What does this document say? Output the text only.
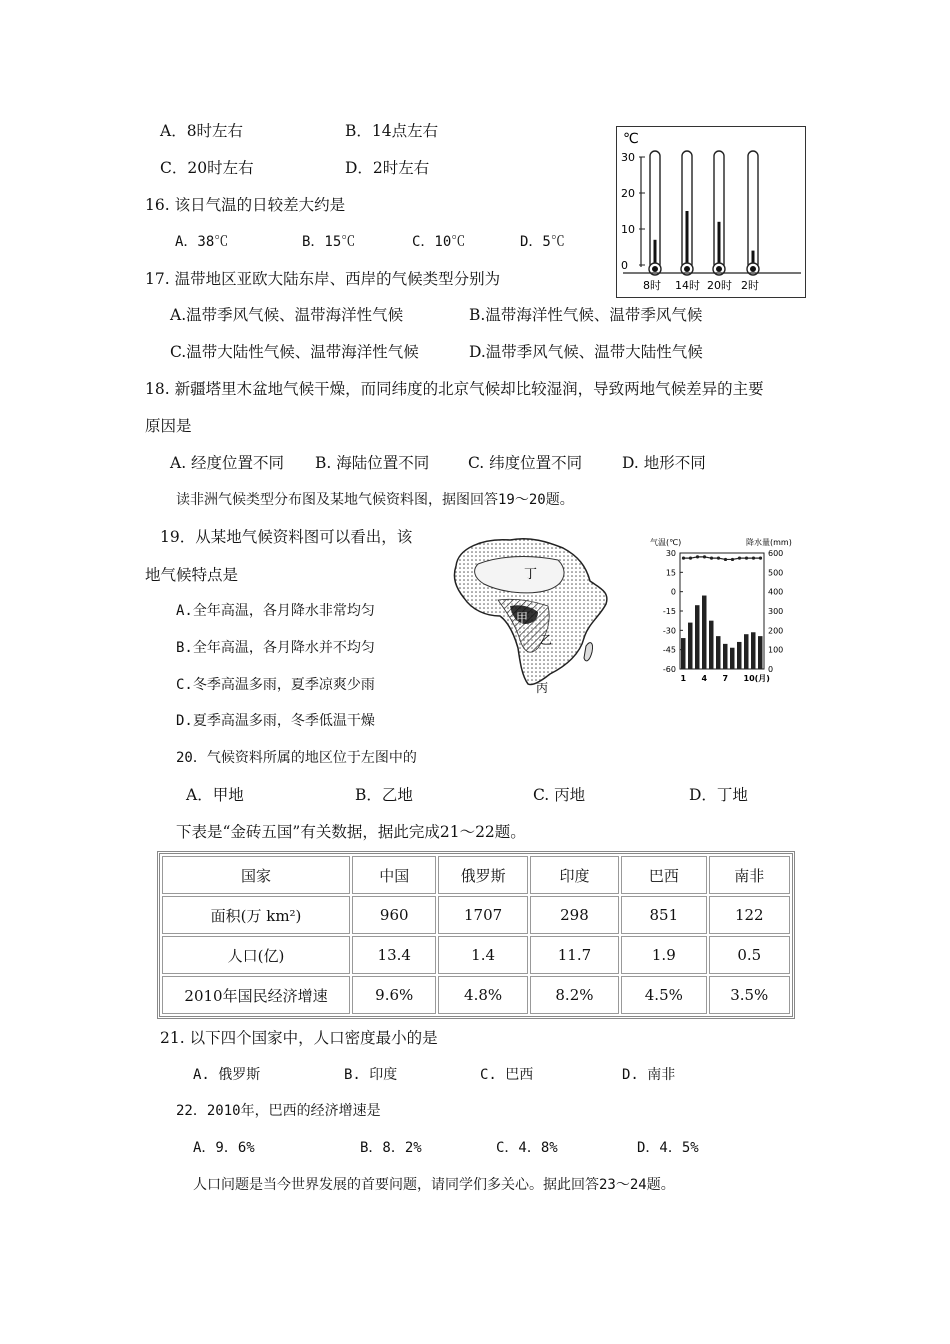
A．8时左右	B．14点左右
C．20时左右	D．2时左右
℃
30
20
10
0
8时 14时 20时 2时
16. 该日气温的日较差大约是
A．38℃	B．15℃	C．10℃	D．5℃
17. 温带地区亚欧大陆东岸、西岸的气候类型分别为
A.温带季风气候、温带海洋性气候	B.温带海洋性气候、温带季风气候
C.温带大陆性气候、温带海洋性气候	D.温带季风气候、温带大陆性气候
18. 新疆塔里木盆地气候干燥，而同纬度的北京气候却比较湿润，导致两地气候差异的主要
原因是
A. 经度位置不同 B. 海陆位置不同	C. 纬度位置不同	D. 地形不同
读非洲气候类型分布图及某地气候资料图，据图回答19～20题。
19．从某地气候资料图可以看出，该
地气候特点是
A.全年高温，各月降水非常均匀
B.全年高温，各月降水并不均匀
C.冬季高温多雨，夏季凉爽少雨
D.夏季高温多雨，冬季低温干燥
丁
甲
乙
丙
气温(℃)	降水量(mm)
30
15
0
-15
-30
-45
-60
600
500
400
300
200
100
0
1 4 7 10(月)
20．气候资料所属的地区位于左图中的
A．甲地	B．乙地	C. 丙地	D．丁地
下表是“金砖五国”有关数据，据此完成21～22题。
国家	中国	俄罗斯	印度	巴西	南非
面积(万 km²)	960	1707	298	851	122
人口(亿)	13.4	1.4	11.7	1.9	0.5
2010年国民经济增速	9.6%	4.8%	8.2%	4.5%	3.5%
21. 以下四个国家中，人口密度最小的是
A. 俄罗斯	B. 印度	C. 巴西	D. 南非
22．2010年，巴西的经济增速是
A．9．6%	B．8．2%	C．4．8%	D．4．5%
人口问题是当今世界发展的首要问题，请同学们多关心。据此回答23～24题。
